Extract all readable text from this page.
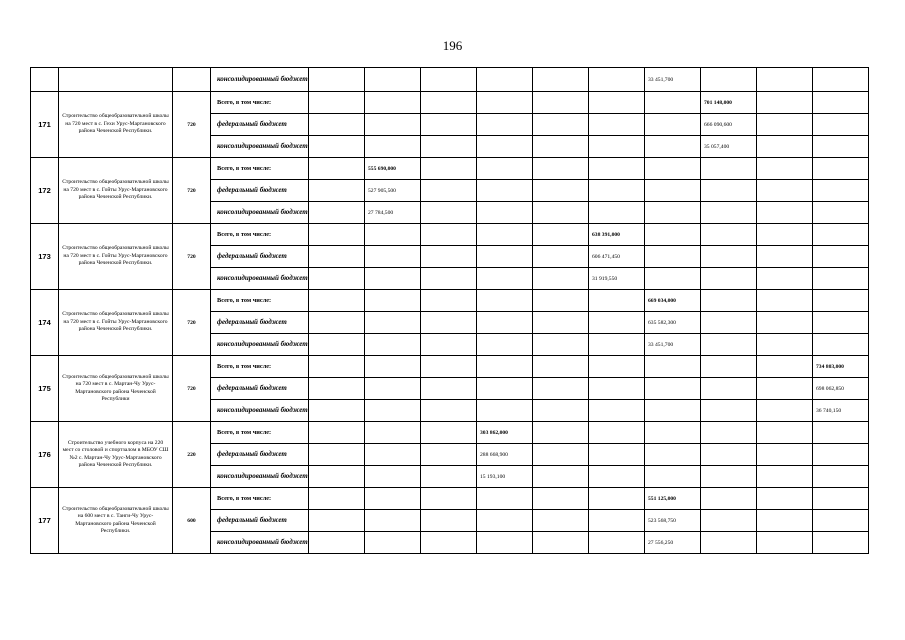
196
			консолидированный бюджет							33 451,700			
171	Строительство общеобразовательной школы на 720 мест в с. Гехи Урус-Мартановского района Чеченской Республики.	720	Всего, в том числе:								701 148,000		
			федеральный бюджет								666 090,600		
			консолидированный бюджет								35 057,400		
172	Строительство общеобразовательной школы на 720 мест в с. Гойты Урус-Мартановского района Чеченской Республики.	720	Всего, в том числе:		555 690,000								
			федеральный бюджет		527 905,500								
			консолидированный бюджет		27 784,500								
173	Строительство общеобразовательной школы на 720 мест в с. Гойты Урус-Мартановского района Чеченской Республики.	720	Всего, в том числе:						638 391,000				
			федеральный бюджет						606 471,450				
			консолидированный бюджет						31 919,550				
174	Строительство общеобразовательной школы на 720 мест в с. Гойты Урус-Мартановского района Чеченской Республики.	720	Всего, в том числе:							669 034,000			
			федеральный бюджет							635 582,300			
			консолидированный бюджет							33 451,700			
175	Строительство общеобразовательной школы на 720 мест в с. Мартан-Чу Урус-Мартановского района Чеченской Республики	720	Всего, в том числе:										734 803,000
			федеральный бюджет										698 062,850
			консолидированный бюджет										36 740,150
176	Строительство учебного корпуса на 220 мест со столовой и спортзалом в МБОУ СШ №2 с. Мартан-Чу Урус-Мартановского района Чеченской Республики.	220	Всего, в том числе:				303 862,000						
			федеральный бюджет				288 668,900						
			консолидированный бюджет				15 193,100						
177	Строительство общеобразовательной школы на 600 мест в с. Танги-Чу Урус-Мартановского района Чеченской Республики.	600	Всего, в том числе:							551 125,000			
			федеральный бюджет							523 568,750			
			консолидированный бюджет							27 556,250			
